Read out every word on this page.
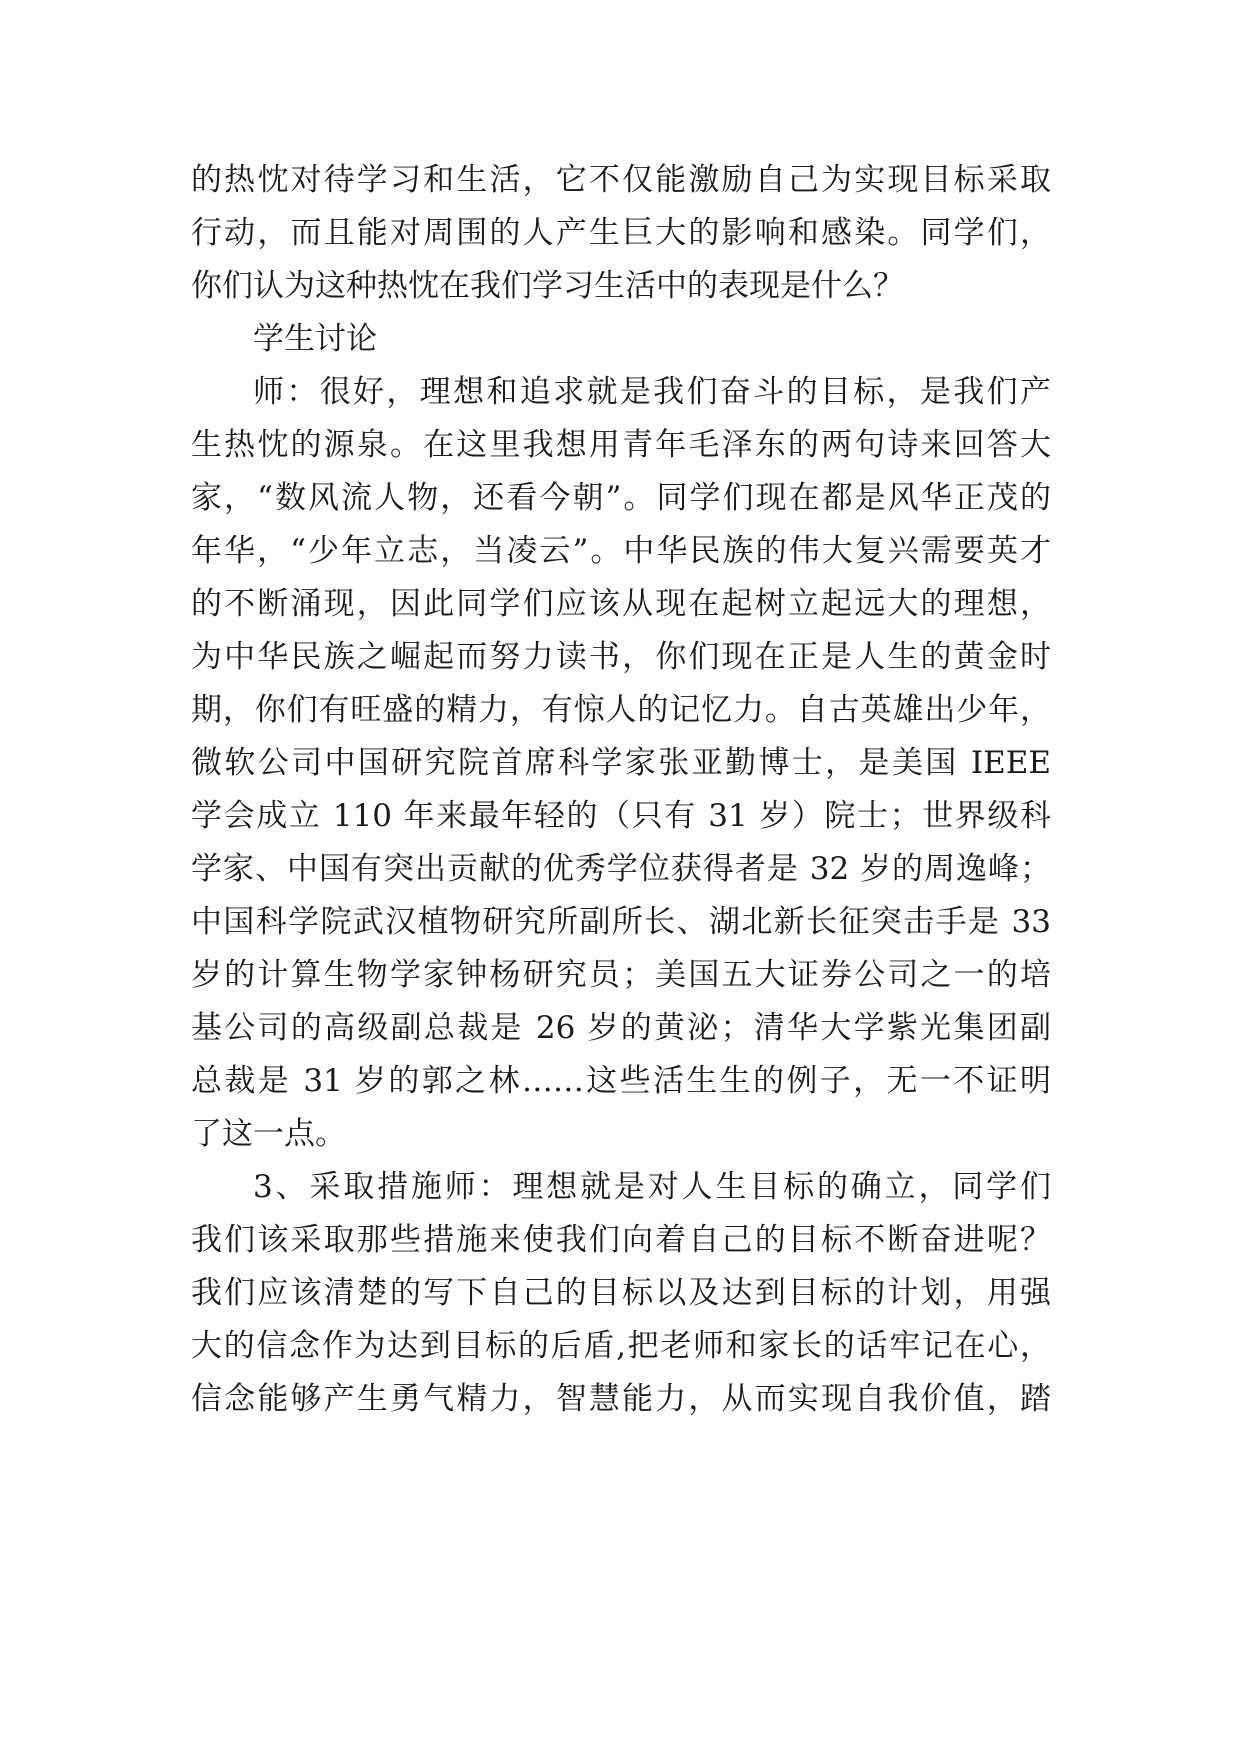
的热忱对待学习和生活，它不仅能激励自己为实现目标采取
行动，而且能对周围的人产生巨大的影响和感染。同学们，
你们认为这种热忱在我们学习生活中的表现是什么？
学生讨论
师：很好，理想和追求就是我们奋斗的目标，是我们产
生热忱的源泉。在这里我想用青年毛泽东的两句诗来回答大
家，“数风流人物，还看今朝”。同学们现在都是风华正茂的
年华，“少年立志，当凌云”。中华民族的伟大复兴需要英才
的不断涌现，因此同学们应该从现在起树立起远大的理想，
为中华民族之崛起而努力读书，你们现在正是人生的黄金时
期，你们有旺盛的精力，有惊人的记忆力。自古英雄出少年，
微软公司中国研究院首席科学家张亚勤博士，是美国 IEEE
学会成立 110 年来最年轻的（只有 31 岁）院士；世界级科
学家、中国有突出贡献的优秀学位获得者是 32 岁的周逸峰；
中国科学院武汉植物研究所副所长、湖北新长征突击手是 33
岁的计算生物学家钟杨研究员；美国五大证券公司之一的培
基公司的高级副总裁是 26 岁的黄泌；清华大学紫光集团副
总裁是 31 岁的郭之林……这些活生生的例子，无一不证明
了这一点。
3、采取措施师：理想就是对人生目标的确立，同学们
我们该采取那些措施来使我们向着自己的目标不断奋进呢？
我们应该清楚的写下自己的目标以及达到目标的计划，用强
大的信念作为达到目标的后盾,把老师和家长的话牢记在心，
信念能够产生勇气精力，智慧能力，从而实现自我价值，踏
